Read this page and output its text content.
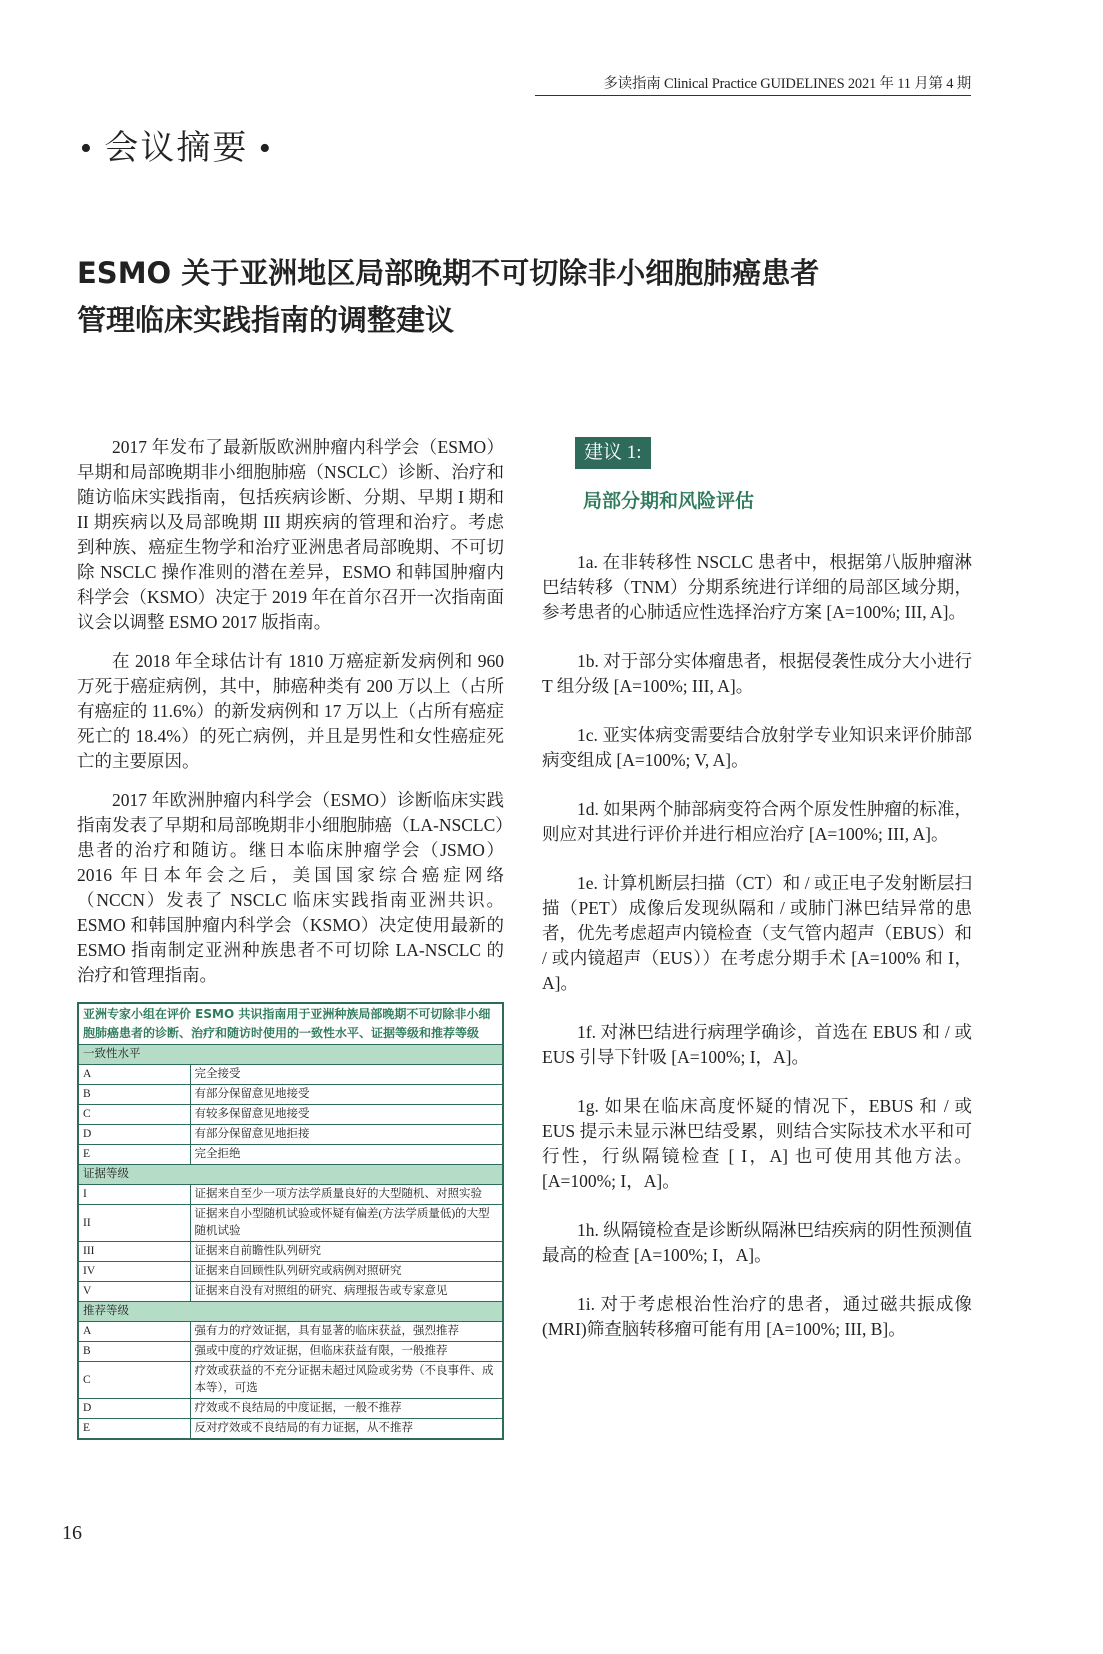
多读指南 Clinical Practice GUIDELINES 2021 年 11 月第 4 期
• 会议摘要 •
ESMO 关于亚洲地区局部晚期不可切除非小细胞肺癌患者
管理临床实践指南的调整建议

2017 年发布了最新版欧洲肿瘤内科学会（ESMO）早期和局部晚期非小细胞肺癌（NSCLC）诊断、治疗和随访临床实践指南，包括疾病诊断、分期、早期 I 期和 II 期疾病以及局部晚期 III 期疾病的管理和治疗。考虑到种族、癌症生物学和治疗亚洲患者局部晚期、不可切除 NSCLC 操作准则的潜在差异，ESMO 和韩国肿瘤内科学会（KSMO）决定于 2019 年在首尔召开一次指南面议会以调整 ESMO 2017 版指南。

在 2018 年全球估计有 1810 万癌症新发病例和 960 万死于癌症病例，其中，肺癌种类有 200 万以上（占所有癌症的 11.6%）的新发病例和 17 万以上（占所有癌症死亡的 18.4%）的死亡病例，并且是男性和女性癌症死亡的主要原因。

2017 年欧洲肿瘤内科学会（ESMO）诊断临床实践指南发表了早期和局部晚期非小细胞肺癌（LA-NSCLC）患者的治疗和随访。继日本临床肿瘤学会（JSMO）2016 年日本年会之后，美国国家综合癌症网络（NCCN）发表了 NSCLC 临床实践指南亚洲共识。ESMO 和韩国肿瘤内科学会（KSMO）决定使用最新的 ESMO 指南制定亚洲种族患者不可切除 LA-NSCLC 的治疗和管理指南。

亚洲专家小组在评价 ESMO 共识指南用于亚洲种族局部晚期不可切除非小细胞肺癌患者的诊断、治疗和随访时使用的一致性水平、证据等级和推荐等级	
一致性水平	
A	完全接受
B	有部分保留意见地接受
C	有较多保留意见地接受
D	有部分保留意见地拒接
E	完全拒绝
证据等级	
I	证据来自至少一项方法学质量良好的大型随机、对照实验
II	证据来自小型随机试验或怀疑有偏差(方法学质量低)的大型随机试验
III	证据来自前瞻性队列研究
IV	证据来自回顾性队列研究或病例对照研究
V	证据来自没有对照组的研究、病理报告或专家意见
推荐等级	
A	强有力的疗效证据，具有显著的临床获益，强烈推荐
B	强或中度的疗效证据，但临床获益有限，一般推荐
C	疗效或获益的不充分证据未超过风险或劣势（不良事件、成本等），可选
D	疗效或不良结局的中度证据，一般不推荐
E	反对疗效或不良结局的有力证据，从不推荐
建议 1:
局部分期和风险评估

1a. 在非转移性 NSCLC 患者中，根据第八版肿瘤淋巴结转移（TNM）分期系统进行详细的局部区域分期，参考患者的心肺适应性选择治疗方案 [A=100%; III, A]。

1b. 对于部分实体瘤患者，根据侵袭性成分大小进行 T 组分级 [A=100%; III, A]。

1c. 亚实体病变需要结合放射学专业知识来评价肺部病变组成 [A=100%; V, A]。

1d. 如果两个肺部病变符合两个原发性肿瘤的标准，则应对其进行评价并进行相应治疗 [A=100%; III, A]。

1e. 计算机断层扫描（CT）和 / 或正电子发射断层扫描（PET）成像后发现纵隔和 / 或肺门淋巴结异常的患者，优先考虑超声内镜检查（支气管内超声（EBUS）和 / 或内镜超声（EUS））在考虑分期手术 [A=100% 和 I，A]。

1f. 对淋巴结进行病理学确诊，首选在 EBUS 和 / 或 EUS 引导下针吸 [A=100%; I，A]。

1g. 如果在临床高度怀疑的情况下，EBUS 和 / 或 EUS 提示未显示淋巴结受累，则结合实际技术水平和可行性，行纵隔镜检查 [ I，A] 也可使用其他方法。[A=100%; I，A]。

1h. 纵隔镜检查是诊断纵隔淋巴结疾病的阴性预测值最高的检查 [A=100%; I，A]。

1i. 对于考虑根治性治疗的患者，通过磁共振成像(MRI)筛查脑转移瘤可能有用 [A=100%; III, B]。

16
